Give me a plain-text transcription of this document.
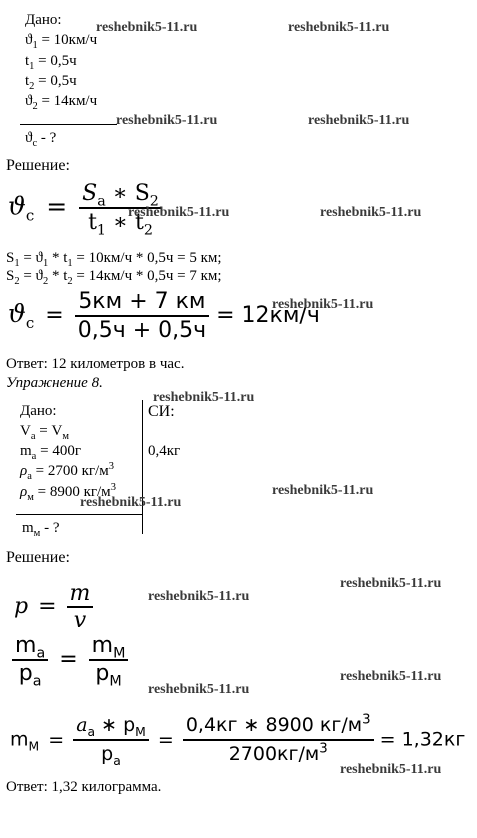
Дано:
$ϑ_1 = 10км/ч$
$t_1 = 0,5ч$
$t_2 = 0,5ч$
$ϑ_2 = 14км/ч$
$ϑ_с$ - ?
Решение:
$ϑ_c = \frac{S_a ∗ S_2}{t_1 ∗ t_2}$
$S_1 = ϑ_1 * t_1 = 10км/ч * 0,5ч = 5$ км;
$S_2 = ϑ_2 * t_2 = 14км/ч * 0,5ч = 7$ км;
$ϑ_c = \frac{5км + 7 км}{0,5ч + 0,5ч} = 12км/ч$
Ответ: 12 километров в час.
Упражнение 8.
Дано:	СИ:
$V_а = V_м$
$m_а = 400г$	0,4кг
$\rho_а = 2700$ $кг/м^3$
$\rho_м = 8900$ $кг/м^3$
$m_м$ - ?
Решение:
$p = \frac{m}{v}$
$\frac{m_a}{p_a} = \frac{m_M}{p_M}$
$m_M = \frac{a_a ∗ p_M}{p_a} = \frac{0,4кг ∗ 8900 кг/м^3}{2700кг/м^3} = 1,32кг$
Ответ: 1,32 килограмма.
reshebnik5-11.ru	reshebnik5-11.ru
reshebnik5-11.ru	reshebnik5-11.ru
reshebnik5-11.ru	reshebnik5-11.ru
reshebnik5-11.ru
reshebnik5-11.ru
reshebnik5-11.ru
reshebnik5-11.ru
reshebnik5-11.ru
reshebnik5-11.ru
reshebnik5-11.ru
reshebnik5-11.ru
reshebnik5-11.ru
